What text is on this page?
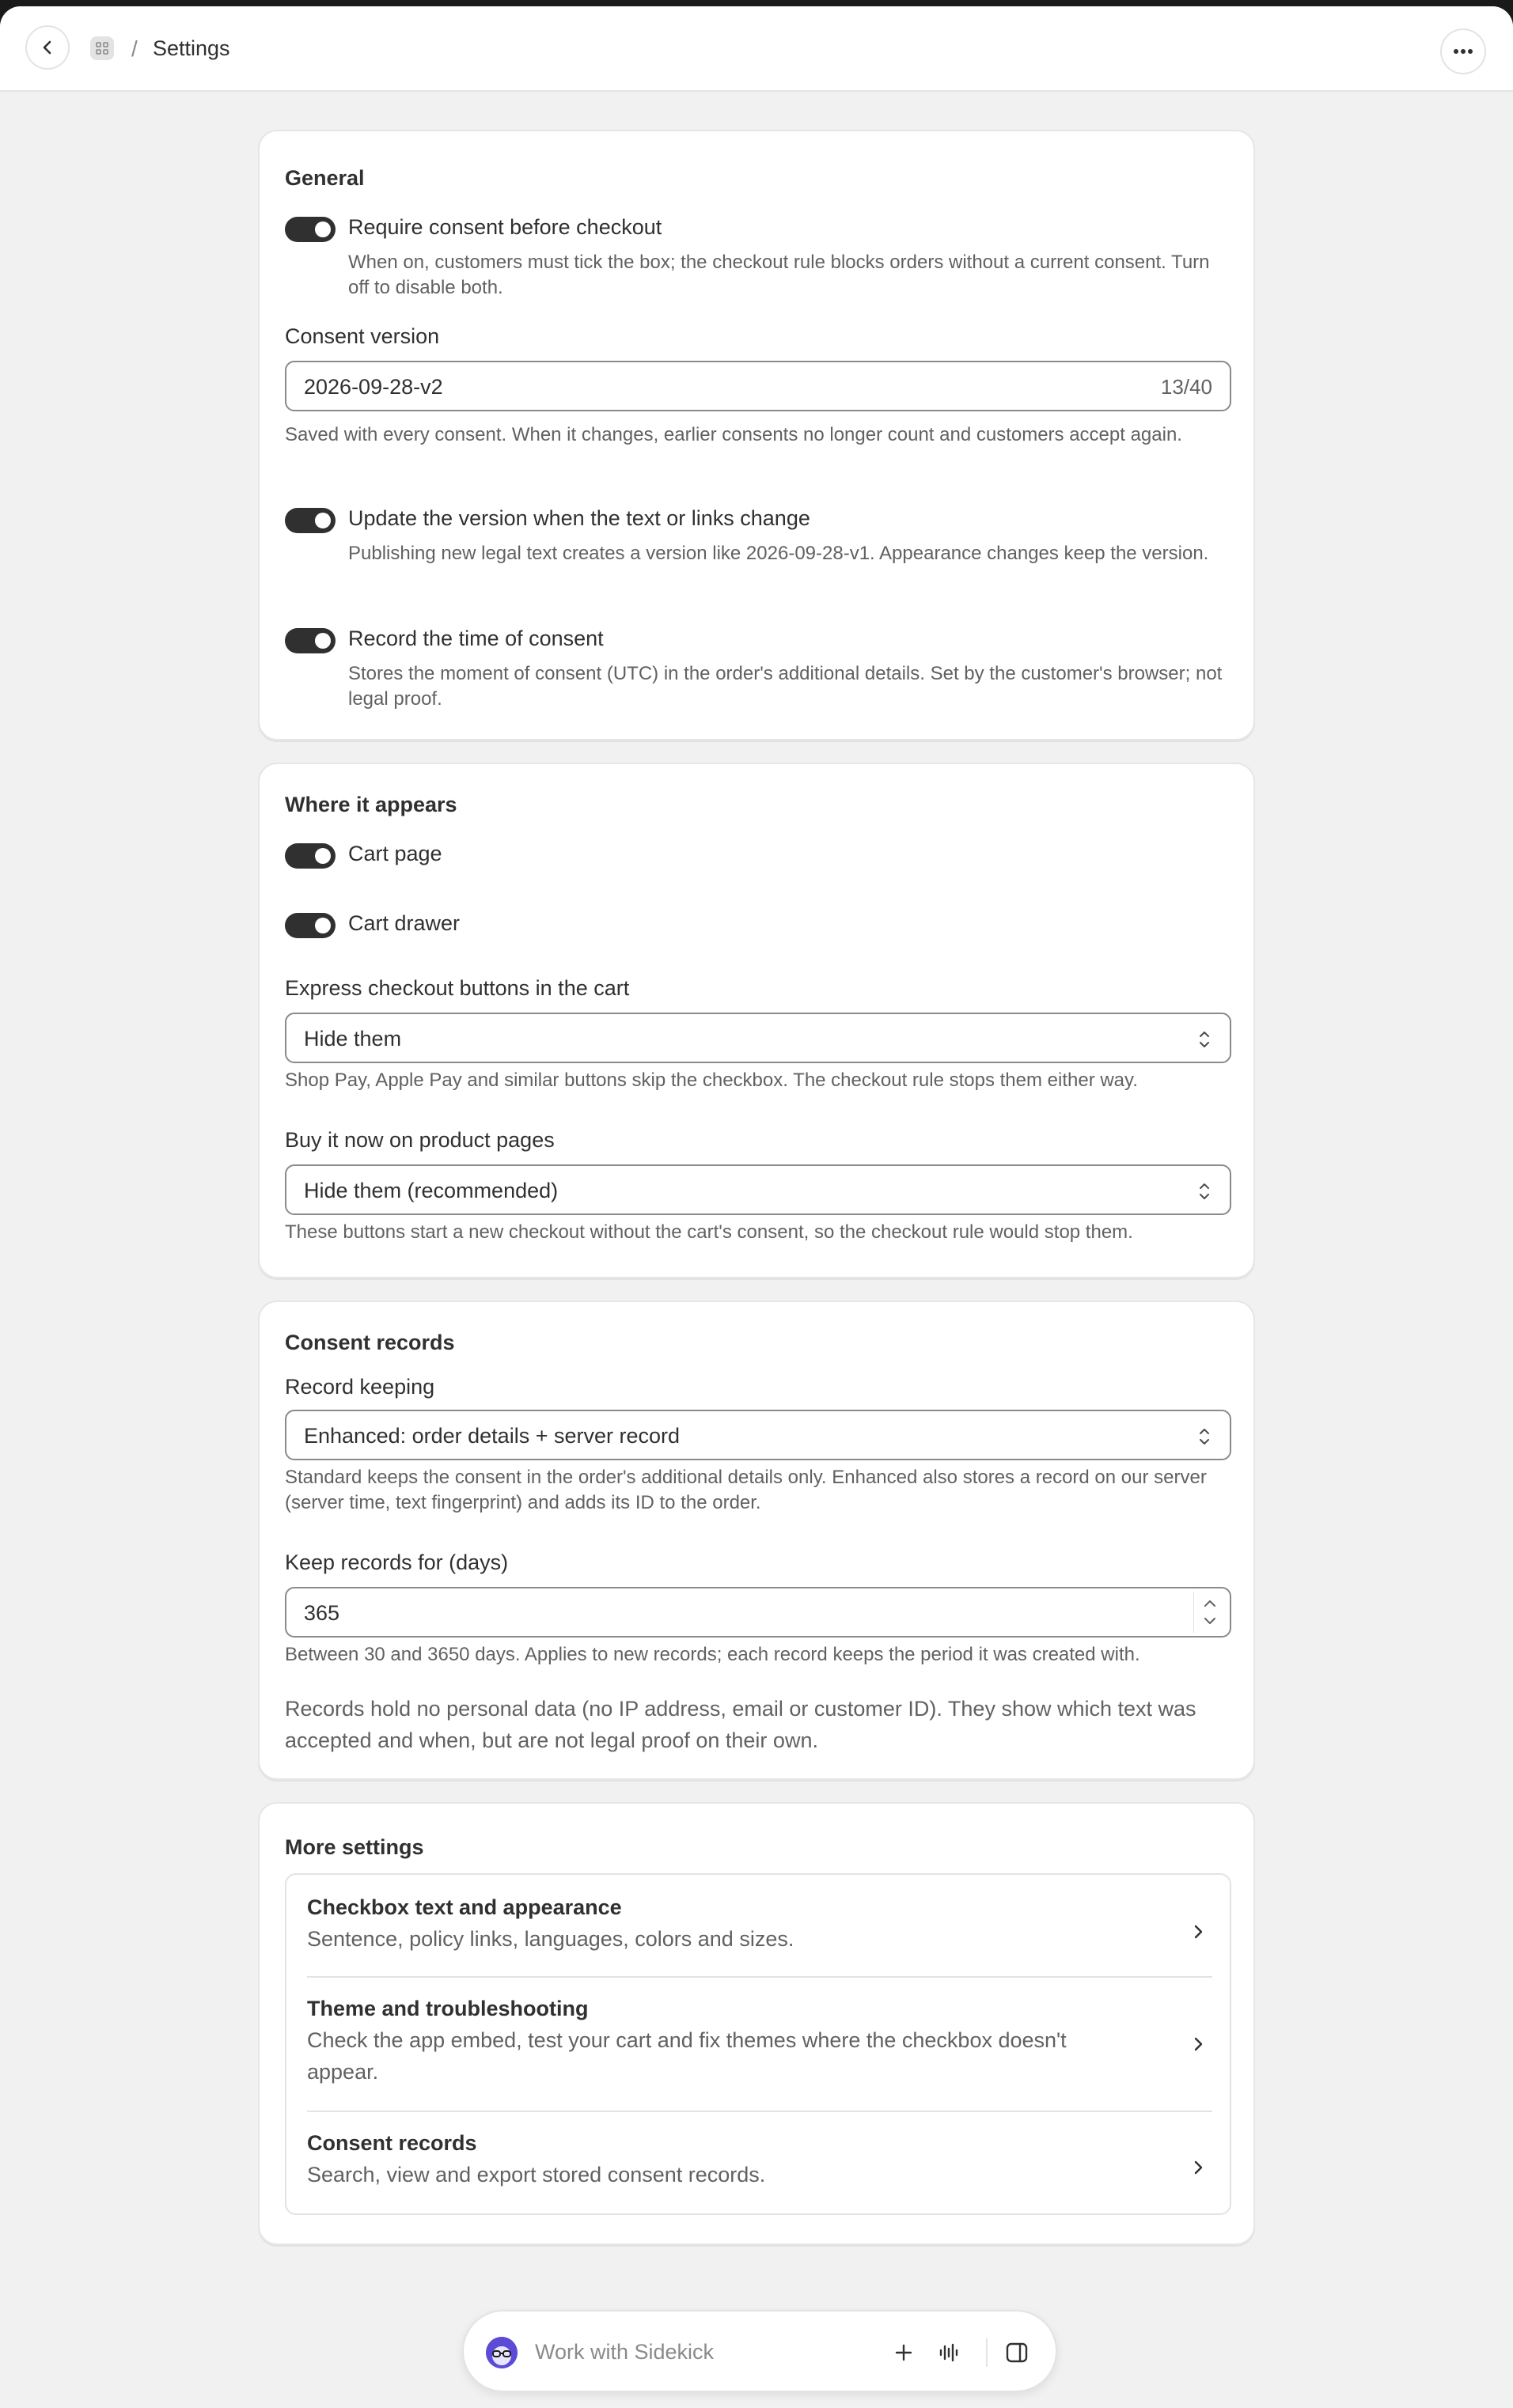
/ Settings
General
Require consent before checkout
When on, customers must tick the box; the checkout rule blocks orders without a current consent. Turn off to disable both.
Consent version
2026-09-28-v2	13/40
Saved with every consent. When it changes, earlier consents no longer count and customers accept again.
Update the version when the text or links change
Publishing new legal text creates a version like 2026-09-28-v1. Appearance changes keep the version.
Record the time of consent
Stores the moment of consent (UTC) in the order's additional details. Set by the customer's browser; not legal proof.
Where it appears
Cart page
Cart drawer
Express checkout buttons in the cart
Hide them
Shop Pay, Apple Pay and similar buttons skip the checkbox. The checkout rule stops them either way.
Buy it now on product pages
Hide them (recommended)
These buttons start a new checkout without the cart's consent, so the checkout rule would stop them.
Consent records
Record keeping
Enhanced: order details + server record
Standard keeps the consent in the order's additional details only. Enhanced also stores a record on our server (server time, text fingerprint) and adds its ID to the order.
Keep records for (days)
365
Between 30 and 3650 days. Applies to new records; each record keeps the period it was created with.
Records hold no personal data (no IP address, email or customer ID). They show which text was accepted and when, but are not legal proof on their own.
More settings
Checkbox text and appearance
Sentence, policy links, languages, colors and sizes.
Theme and troubleshooting
Check the app embed, test your cart and fix themes where the checkbox doesn't appear.
Consent records
Search, view and export stored consent records.
Work with Sidekick
